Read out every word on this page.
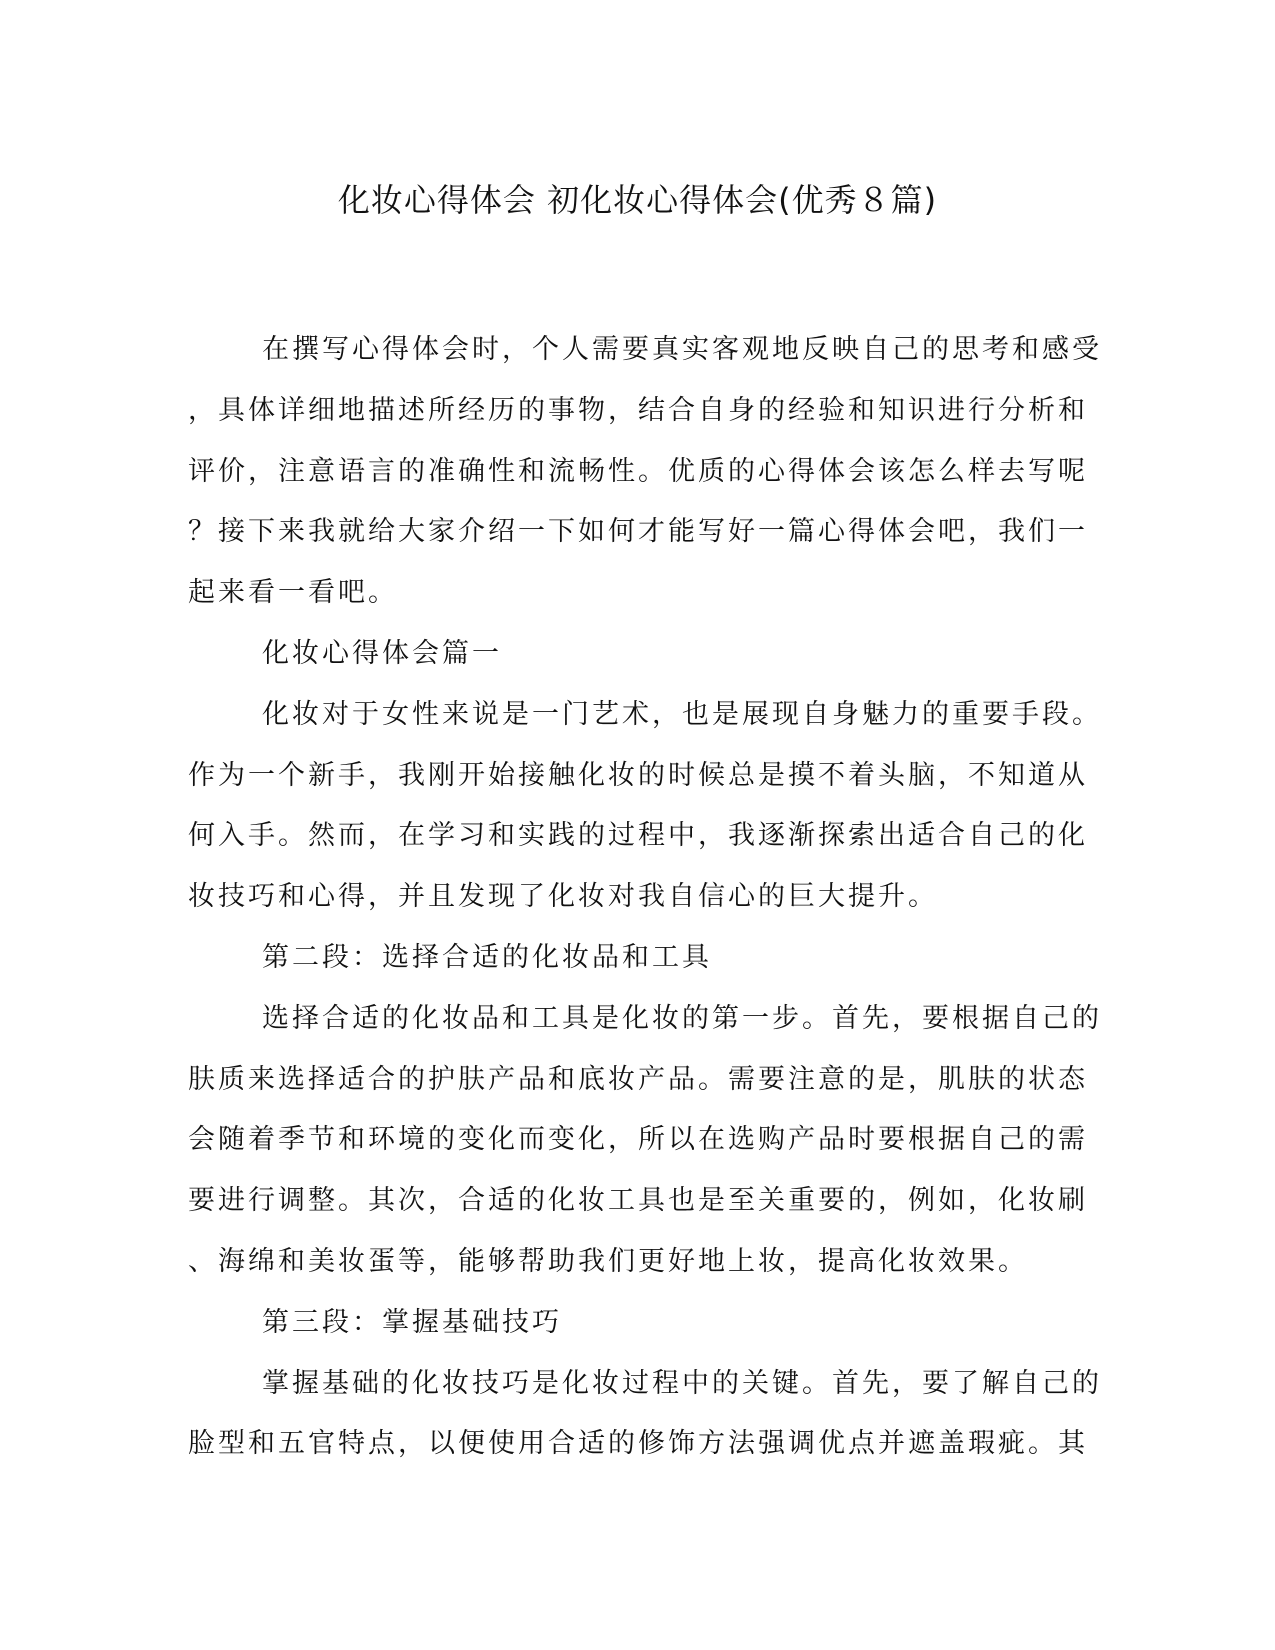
化妆心得体会 初化妆心得体会(优秀８篇)
在撰写心得体会时，个人需要真实客观地反映自己的思考和感受
，具体详细地描述所经历的事物，结合自身的经验和知识进行分析和
评价，注意语言的准确性和流畅性。优质的心得体会该怎么样去写呢
？接下来我就给大家介绍一下如何才能写好一篇心得体会吧，我们一
起来看一看吧。
化妆心得体会篇一
化妆对于女性来说是一门艺术，也是展现自身魅力的重要手段。
作为一个新手，我刚开始接触化妆的时候总是摸不着头脑，不知道从
何入手。然而，在学习和实践的过程中，我逐渐探索出适合自己的化
妆技巧和心得，并且发现了化妆对我自信心的巨大提升。
第二段：选择合适的化妆品和工具
选择合适的化妆品和工具是化妆的第一步。首先，要根据自己的
肤质来选择适合的护肤产品和底妆产品。需要注意的是，肌肤的状态
会随着季节和环境的变化而变化，所以在选购产品时要根据自己的需
要进行调整。其次，合适的化妆工具也是至关重要的，例如，化妆刷
、海绵和美妆蛋等，能够帮助我们更好地上妆，提高化妆效果。
第三段：掌握基础技巧
掌握基础的化妆技巧是化妆过程中的关键。首先，要了解自己的
脸型和五官特点，以便使用合适的修饰方法强调优点并遮盖瑕疵。其
